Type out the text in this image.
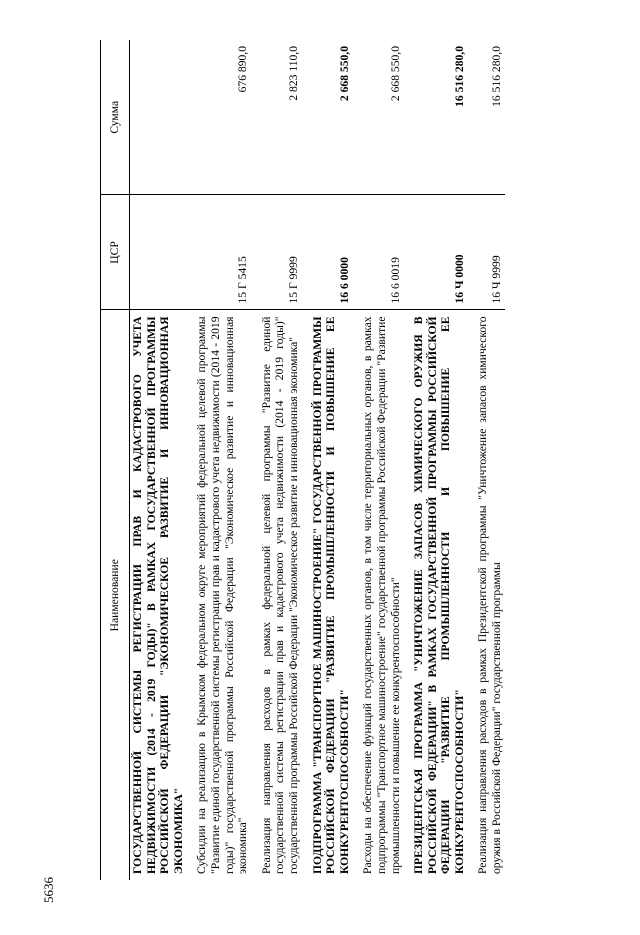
5636
Наименование	ЦСР	Сумма
ГОСУДАРСТВЕННОЙ СИСТЕМЫ РЕГИСТРАЦИИ ПРАВ И КАДАСТРОВОГО УЧЕТА НЕДВИЖИМОСТИ (2014 - 2019 ГОДЫ)" В РАМКАХ ГОСУДАРСТВЕННОЙ ПРОГРАММЫ РОССИЙСКОЙ ФЕДЕРАЦИИ "ЭКОНОМИЧЕСКОЕ РАЗВИТИЕ И ИННОВАЦИОННАЯ ЭКОНОМИКА"		

Субсидии на реализацию в Крымском федеральном округе мероприятий федеральной целевой программы "Развитие единой государственной системы регистрации прав и кадастрового учета недвижимости (2014 - 2019 годы)" государственной программы Российской Федерации "Экономическое развитие и инновационная экономика"	15 Г 5415	676 890,0

Реализация направления расходов в рамках федеральной целевой программы "Развитие единой государственной системы регистрации прав и кадастрового учета недвижимости (2014 - 2019 годы)" государственной программы Российской Федерации "Экономическое развитие и инновационная экономика"	15 Г 9999	2 823 110,0

ПОДПРОГРАММА "ТРАНСПОРТНОЕ МАШИНОСТРОЕНИЕ" ГОСУДАРСТВЕННОЙ ПРОГРАММЫ РОССИЙСКОЙ ФЕДЕРАЦИИ "РАЗВИТИЕ ПРОМЫШЛЕННОСТИ И ПОВЫШЕНИЕ ЕЕ КОНКУРЕНТОСПОСОБНОСТИ"	16 6 0000	2 668 550,0

Расходы на обеспечение функций государственных органов, в том числе территориальных органов, в рамках подпрограммы "Транспортное машиностроение" государственной программы Российской Федерации "Развитие промышленности и повышение ее конкурентоспособности"	16 6 0019	2 668 550,0

ПРЕЗИДЕНТСКАЯ ПРОГРАММА "УНИЧТОЖЕНИЕ ЗАПАСОВ ХИМИЧЕСКОГО ОРУЖИЯ В РОССИЙСКОЙ ФЕДЕРАЦИИ" В РАМКАХ ГОСУДАРСТВЕННОЙ ПРОГРАММЫ РОССИЙСКОЙ ФЕДЕРАЦИИ "РАЗВИТИЕ ПРОМЫШЛЕННОСТИ И ПОВЫШЕНИЕ ЕЕ КОНКУРЕНТОСПОСОБНОСТИ"	16 Ч 0000	16 516 280,0

Реализация направления расходов в рамках Президентской программы "Уничтожение запасов химического оружия в Российской Федерации" государственной программы	16 Ч 9999	16 516 280,0
